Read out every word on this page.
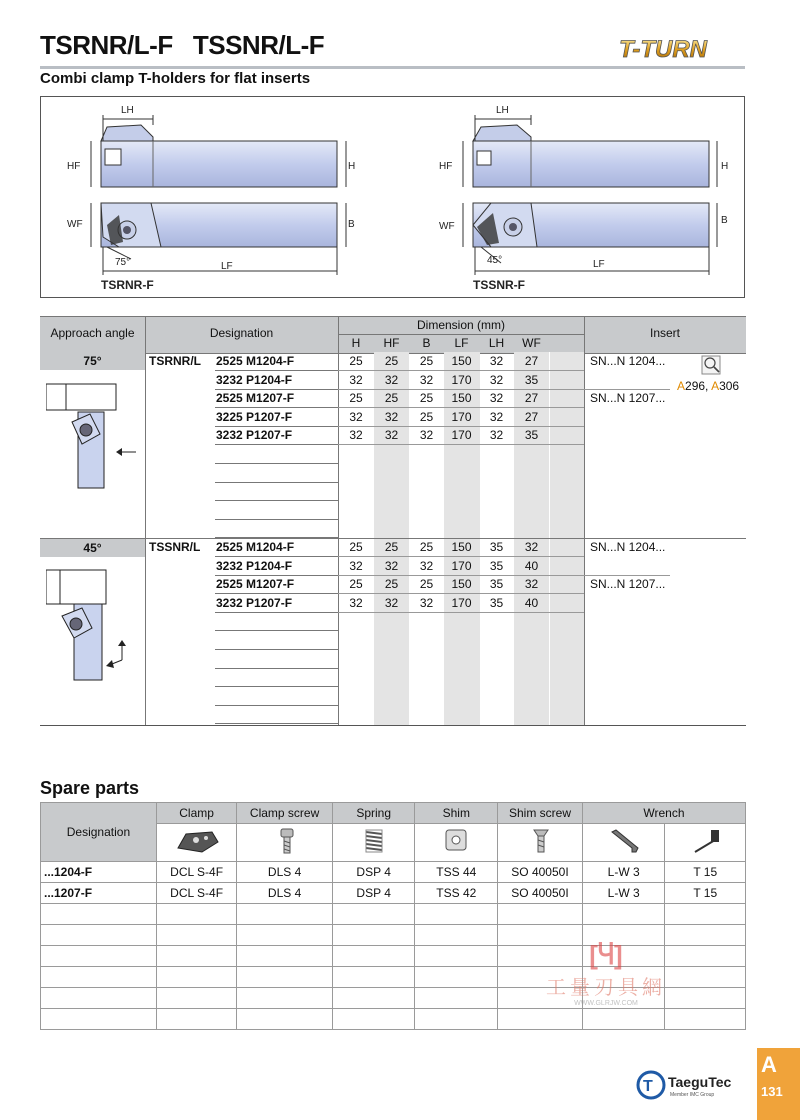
TSRNR/L-F   TSSNR/L-F
Combi clamp T-holders for flat inserts
T-TURN
LH
HF	H
WF	B
LF
75°
TSRNR-F
LH
HF	H
WF
B
LF
45°
TSSNR-F
Approach angle	Designation
Dimension (mm)
Insert
H	HF	B	LF	LH	WF
75°
45°
TSRNR/L 2525 M1204-F	25	25	25	150	32	27	SN...N 1204...
3232 P1204-F	32	32	32	170	32	35
2525 M1207-F	25	25	25	150	32	27	SN...N 1207...
3225 P1207-F	32	32	25	170	32	27
3232 P1207-F	32	32	32	170	32	35
TSSNR/L 2525 M1204-F	25	25	25	150	35	32	SN...N 1204...
3232 P1204-F	32	32	32	170	35	40
2525 M1207-F	25	25	25	150	35	32	SN...N 1207...
3232 P1207-F	32	32	32	170	35	40
A296, A306
Spare parts
Designation	Clamp	Clamp screw	Spring	Shim	Shim screw	Wrench	

...1204-F	DCL S-4F	DLS 4	DSP 4	TSS 44	SO 40050I	L-W 3	T 15
...1207-F	DCL S-4F	DLS 4	DSP 4	TSS 42	SO 40050I	L-W 3	T 15

[Ⴗ]
工量刃具網
WWW.GLRJW.COM
T TaeguTec
Member IMC Group
A
131
